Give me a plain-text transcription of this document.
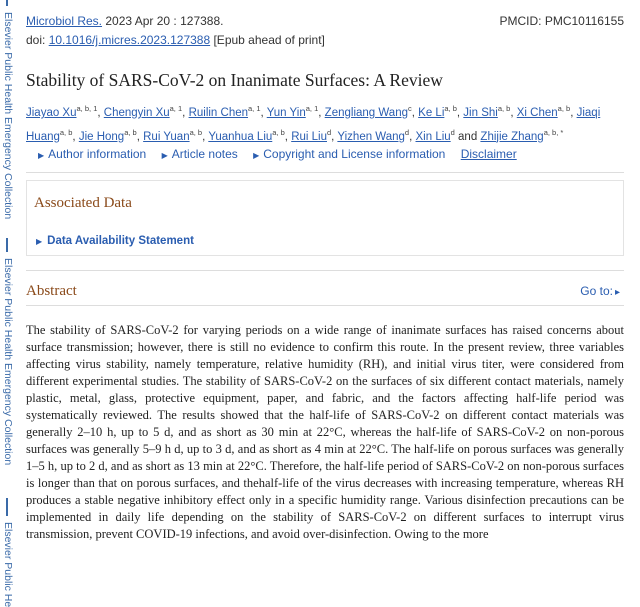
Elsevier Public Health Emergency Collection
Elsevier Public Health Emergency Collection
Elsevier Public He
Microbiol Res. 2023 Apr 20 : 127388.	PMCID: PMC10116155
doi: 10.1016/j.micres.2023.127388 [Epub ahead of print]
Stability of SARS-CoV-2 on Inanimate Surfaces: A Review
Jiayao Xu$^{a, b, 1}$, Chengyin Xu$^{a, 1}$, Ruilin Chen$^{a, 1}$, Yun Yin$^{a, 1}$, Zengliang Wang$^c$, Ke Li$^{a, b}$, Jin Shi$^{a, b}$, Xi Chen$^{a, b}$, Jiaqi Huang$^{a, b}$, Jie Hong$^{a, b}$, Rui Yuan$^{a, b}$, Yuanhua Liu$^{a, b}$, Rui Liu$^d$, Yizhen Wang$^d$, Xin Liu$^d$ and Zhijie Zhang$^{a, b, *}$
▶ Author information ▶ Article notes ▶ Copyright and License information Disclaimer
Associated Data
▶ Data Availability Statement
Abstract	Go to: ▸
The stability of SARS-CoV-2 for varying periods on a wide range of inanimate surfaces has raised concerns about surface transmission; however, there is still no evidence to confirm this route. In the present review, three variables affecting virus stability, namely temperature, relative humidity (RH), and initial virus titer, were considered from different experimental studies. The stability of SARS-CoV-2 on the surfaces of six different contact materials, namely plastic, metal, glass, protective equipment, paper, and fabric, and the factors affecting half-life period was systematically reviewed. The results showed that the half-life of SARS-CoV-2 on different contact materials was generally 2–10 h, up to 5 d, and as short as 30 min at 22°C, whereas the half-life of SARS-CoV-2 on non-porous surfaces was generally 5–9 h d, up to 3 d, and as short as 4 min at 22°C. The half-life on porous surfaces was generally 1–5 h, up to 2 d, and as short as 13 min at 22°C. Therefore, the half-life period of SARS-CoV-2 on non-porous surfaces is longer than that on porous surfaces, and thehalf-life of the virus decreases with increasing temperature, whereas RH produces a stable negative inhibitory effect only in a specific humidity range. Various disinfection precautions can be implemented in daily life depending on the stability of SARS-CoV-2 on different surfaces to interrupt virus transmission, prevent COVID-19 infections, and avoid over-disinfection. Owing to the more
